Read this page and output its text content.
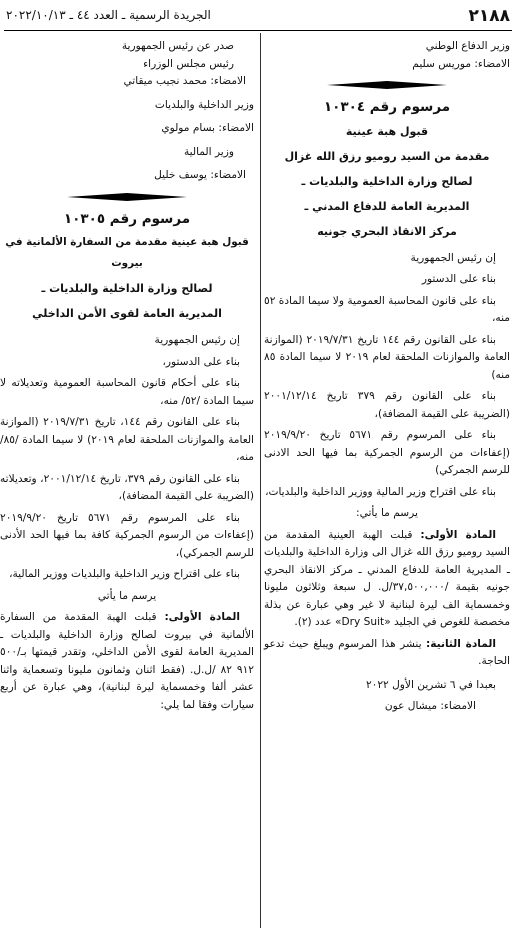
٢١٨٨
الجريدة الرسمية ـ العدد ٤٤ ـ ٢٠٢٢/١٠/١٣

وزير الدفاع الوطني

الامضاء: موريس سليم

مرسوم رقم ١٠٣٠٤

قبول هبة عينية

مقدمة من السيد روميو رزق الله غزال

لصالح وزارة الداخلية والبلديات ـ

المديرية العامة للدفاع المدني ـ

مركز الانقاذ البحري جونيه

إن رئيس الجمهورية

بناء على الدستور

بناء على قانون المحاسبة العمومية ولا سيما المادة ٥٢ منه،

بناء على القانون رقم ١٤٤ تاريخ ٢٠١٩/٧/٣١ (الموازنة العامة والموازنات الملحقة لعام ٢٠١٩ لا سيما المادة ٨٥ منه)

بناء على القانون رقم ٣٧٩ تاريخ ٢٠٠١/١٢/١٤ (الضريبة على القيمة المضافة)،

بناء على المرسوم رقم ٥٦٧١ تاريخ ٢٠١٩/٩/٢٠ (إعفاءات من الرسوم الجمركية بما فيها الحد الادنى للرسم الجمركي)

بناء على اقتراح وزير المالية ووزير الداخلية والبلديات،

يرسم ما يأتي:

المادة الأولى: قبلت الهبة العينية المقدمة من السيد روميو رزق الله غزال الى وزارة الداخلية والبلديات ـ المديرية العامة للدفاع المدني ـ مركز الانقاذ البحري جونيه بقيمة /٣٧,٥٠٠,٠٠٠/ل. ل سبعة وثلاثون مليونا وخمسماية الف ليرة لبنانية لا غير وهي عبارة عن بذلة مخصصة للغوص في الجليد «Dry Suit» عدد (٢).

المادة الثانية: ينشر هذا المرسوم ويبلغ حيث تدعو الحاجة.

بعبدا في ٦ تشرين الأول ٢٠٢٢

الامضاء: ميشال عون

صدر عن رئيس الجمهورية

رئيس مجلس الوزراء

الامضاء: محمد نجيب ميقاتي

وزير الداخلية والبلديات

الامضاء: بسام مولوي

وزير المالية

الامضاء: يوسف خليل

مرسوم رقم ١٠٣٠٥

قبول هبة عينية مقدمة من السفارة الألمانية في بيروت

لصالح وزارة الداخلية والبلديات ـ

المديرية العامة لقوى الأمن الداخلي

إن رئيس الجمهورية

بناء على الدستور،

بناء على أحكام قانون المحاسبة العمومية وتعديلاته لا سيما المادة /٥٢/ منه،

بناء على القانون رقم ١٤٤، تاريخ ٢٠١٩/٧/٣١ (الموازنة العامة والموازنات الملحقة لعام ٢٠١٩) لا سيما المادة /٨٥/ منه،

بناء على القانون رقم ٣٧٩، تاريخ ٢٠٠١/١٢/١٤، وتعديلاته (الضريبة على القيمة المضافة)،

بناء على المرسوم رقم ٥٦٧١ تاريخ ٢٠١٩/٩/٢٠ (إعفاءات من الرسوم الجمركية كافة بما فيها الحد الأدنى للرسم الجمركي)،

بناء على اقتراح وزير الداخلية والبلديات ووزير المالية،

يرسم ما يأتي

المادة الأولى: قبلت الهبة المقدمة من السفارة الألمانية في بيروت لصالح وزارة الداخلية والبلديات ـ المديرية العامة لقوى الأمن الداخلي، وتقدر قيمتها بـ/٥٠٠ ٩١٢ ٨٢ /ل.ل. (فقط اثنان وثمانون مليونا وتسعماية واثنا عشر ألفا وخمسماية ليرة لبنانية)، وهي عبارة عن أربع سيارات وفقا لما يلي:
